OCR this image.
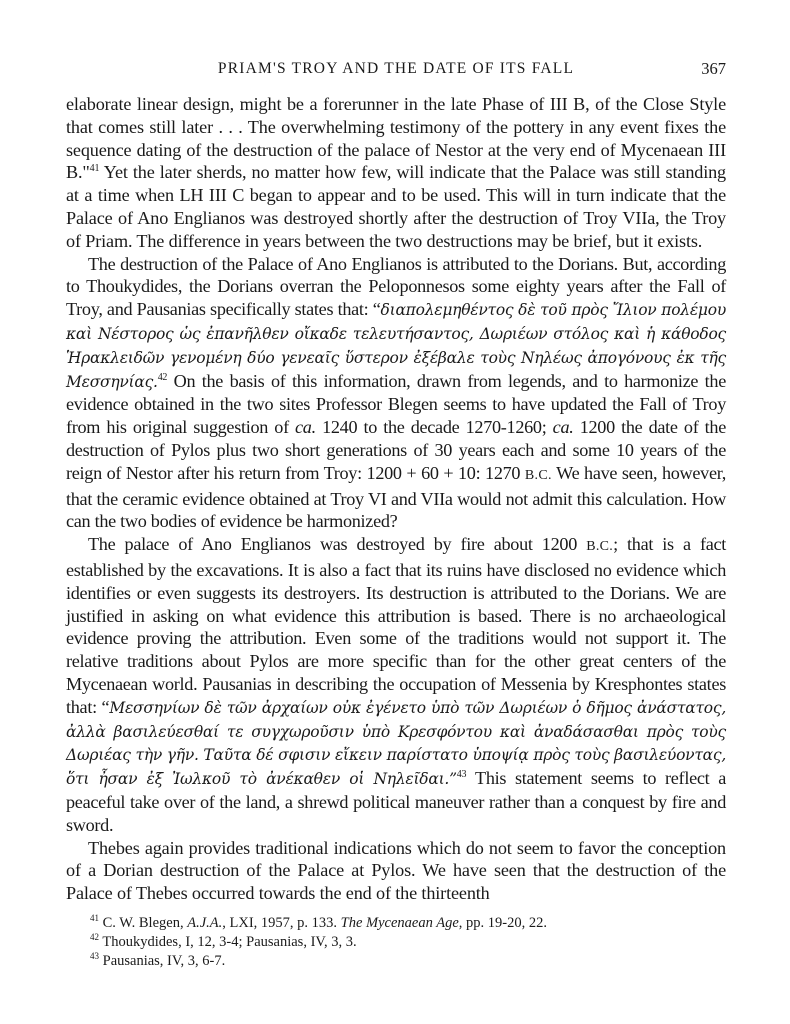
PRIAM'S TROY AND THE DATE OF ITS FALL	367

elaborate linear design, might be a forerunner in the late Phase of III B, of the Close Style that comes still later . . . The overwhelming testimony of the pottery in any event fixes the sequence dating of the destruction of the palace of Nestor at the very end of Mycenaean III B."$^{41}$ Yet the later sherds, no matter how few, will indicate that the Palace was still standing at a time when LH III C began to appear and to be used. This will in turn indicate that the Palace of Ano Englianos was destroyed shortly after the destruction of Troy VIIa, the Troy of Priam. The difference in years between the two destructions may be brief, but it exists.

The destruction of the Palace of Ano Englianos is attributed to the Dorians. But, according to Thoukydides, the Dorians overran the Peloponnesos some eighty years after the Fall of Troy, and Pausanias specifically states that: “διαπολεμηθέντος δὲ τοῦ πρὸς Ἴλιον πολέμου καὶ Νέστορος ὡς ἐπανῆλθεν οἴκαδε τελευτήσαντος, Δωριέων στόλος καὶ ἡ κάθοδος Ἡρακλειδῶν γενομένη δύο γενεαῖς ὕστερον ἐξέβαλε τοὺς Νηλέως ἀπογόνους ἐκ τῆς Μεσσηνίας.$^{42}$ On the basis of this information, drawn from legends, and to harmonize the evidence obtained in the two sites Professor Blegen seems to have updated the Fall of Troy from his original suggestion of ca. 1240 to the decade 1270-1260; ca. 1200 the date of the destruction of Pylos plus two short generations of 30 years each and some 10 years of the reign of Nestor after his return from Troy: 1200 + 60 + 10: 1270 B.C. We have seen, however, that the ceramic evidence obtained at Troy VI and VIIa would not admit this calculation. How can the two bodies of evidence be harmonized?

The palace of Ano Englianos was destroyed by fire about 1200 B.C.; that is a fact established by the excavations. It is also a fact that its ruins have disclosed no evidence which identifies or even suggests its destroyers. Its destruction is attributed to the Dorians. We are justified in asking on what evidence this attribution is based. There is no archaeological evidence proving the attribution. Even some of the traditions would not support it. The relative traditions about Pylos are more specific than for the other great centers of the Mycenaean world. Pausanias in describing the occupation of Messenia by Kresphontes states that: “Μεσσηνίων δὲ τῶν ἀρχαίων οὐκ ἐγένετο ὑπὸ τῶν Δωριέων ὁ δῆμος ἀνάστατος, ἀλλὰ βασιλεύεσθαί τε συγχωροῦσιν ὑπὸ Κρεσφόντου καὶ ἀναδάσασθαι πρὸς τοὺς Δωριέας τὴν γῆν. Ταῦτα δέ σφισιν εἴκειν παρίστατο ὑποψίᾳ πρὸς τοὺς βασιλεύοντας, ὅτι ἦσαν ἐξ Ἰωλκοῦ τὸ ἀνέκαθεν οἱ Νηλεῖδαι.”$^{43}$ This statement seems to reflect a peaceful take over of the land, a shrewd political maneuver rather than a conquest by fire and sword.

Thebes again provides traditional indications which do not seem to favor the conception of a Dorian destruction of the Palace at Pylos. We have seen that the destruction of the Palace of Thebes occurred towards the end of the thirteenth

$^{41}$ C. W. Blegen, A.J.A., LXI, 1957, p. 133. The Mycenaean Age, pp. 19-20, 22.
$^{42}$ Thoukydides, I, 12, 3-4; Pausanias, IV, 3, 3.
$^{43}$ Pausanias, IV, 3, 6-7.
